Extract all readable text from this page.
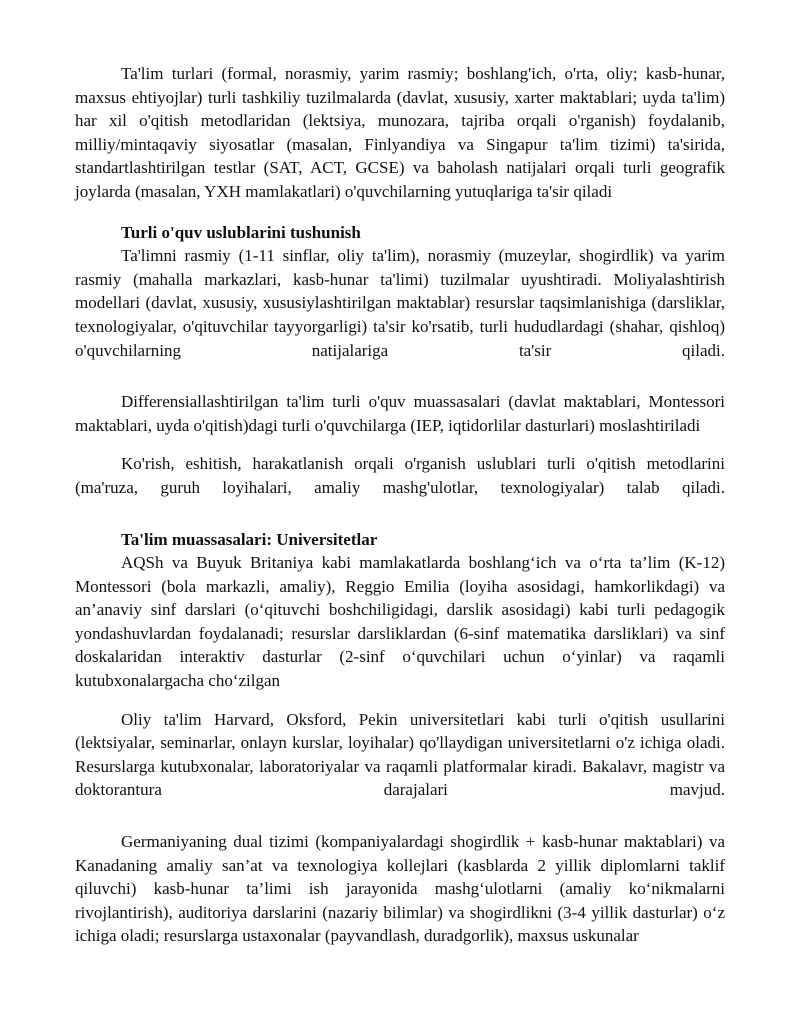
Ta'lim turlari (formal, norasmiy, yarim rasmiy; boshlang'ich, o'rta, oliy; kasb-hunar, maxsus ehtiyojlar) turli tashkiliy tuzilmalarda (davlat, xususiy, xarter maktablari; uyda ta'lim) har xil o'qitish metodlaridan (lektsiya, munozara, tajriba orqali o'rganish) foydalanib, milliy/mintaqaviy siyosatlar (masalan, Finlyandiya va Singapur ta'lim tizimi) ta'sirida, standartlashtirilgan testlar (SAT, ACT, GCSE) va baholash natijalari orqali turli geografik joylarda (masalan, YXH mamlakatlari) o'quvchilarning yutuqlariga ta'sir qiladi

Turli o'quv uslublarini tushunish

Ta'limni rasmiy (1-11 sinflar, oliy ta'lim), norasmiy (muzeylar, shogirdlik) va yarim rasmiy (mahalla markazlari, kasb-hunar ta'limi) tuzilmalar uyushtiradi. Moliyalashtirish modellari (davlat, xususiy, xususiylashtirilgan maktablar) resurslar taqsimlanishiga (darsliklar, texnologiyalar, o'qituvchilar tayyorgarligi) ta'sir ko'rsatib, turli hududlardagi (shahar, qishloq) o'quvchilarning natijalariga ta'sir qiladi.

Differensiallashtirilgan ta'lim turli o'quv muassasalari (davlat maktablari, Montessori maktablari, uyda o'qitish)dagi turli o'quvchilarga (IEP, iqtidorlilar dasturlari) moslashtiriladi

Ko'rish, eshitish, harakatlanish orqali o'rganish uslublari turli o'qitish metodlarini (ma'ruza, guruh loyihalari, amaliy mashg'ulotlar, texnologiyalar) talab qiladi.

Ta'lim muassasalari: Universitetlar

AQSh va Buyuk Britaniya kabi mamlakatlarda boshlang‘ich va o‘rta ta’lim (K-12) Montessori (bola markazli, amaliy), Reggio Emilia (loyiha asosidagi, hamkorlikdagi) va an’anaviy sinf darslari (o‘qituvchi boshchiligidagi, darslik asosidagi) kabi turli pedagogik yondashuvlardan foydalanadi; resurslar darsliklardan (6-sinf matematika darsliklari) va sinf doskalaridan interaktiv dasturlar (2-sinf o‘quvchilari uchun o‘yinlar) va raqamli kutubxonalargacha cho‘zilgan

Oliy ta'lim Harvard, Oksford, Pekin universitetlari kabi turli o'qitish usullarini (lektsiyalar, seminarlar, onlayn kurslar, loyihalar) qo'llaydigan universitetlarni o'z ichiga oladi. Resurslarga kutubxonalar, laboratoriyalar va raqamli platformalar kiradi. Bakalavr, magistr va doktorantura darajalari mavjud.

Germaniyaning dual tizimi (kompaniyalardagi shogirdlik + kasb-hunar maktablari) va Kanadaning amaliy san’at va texnologiya kollejlari (kasblarda 2 yillik diplomlarni taklif qiluvchi) kasb-hunar ta’limi ish jarayonida mashg‘ulotlarni (amaliy ko‘nikmalarni rivojlantirish), auditoriya darslarini (nazariy bilimlar) va shogirdlikni (3-4 yillik dasturlar) o‘z ichiga oladi; resurslarga ustaxonalar (payvandlash, duradgorlik), maxsus uskunalar
